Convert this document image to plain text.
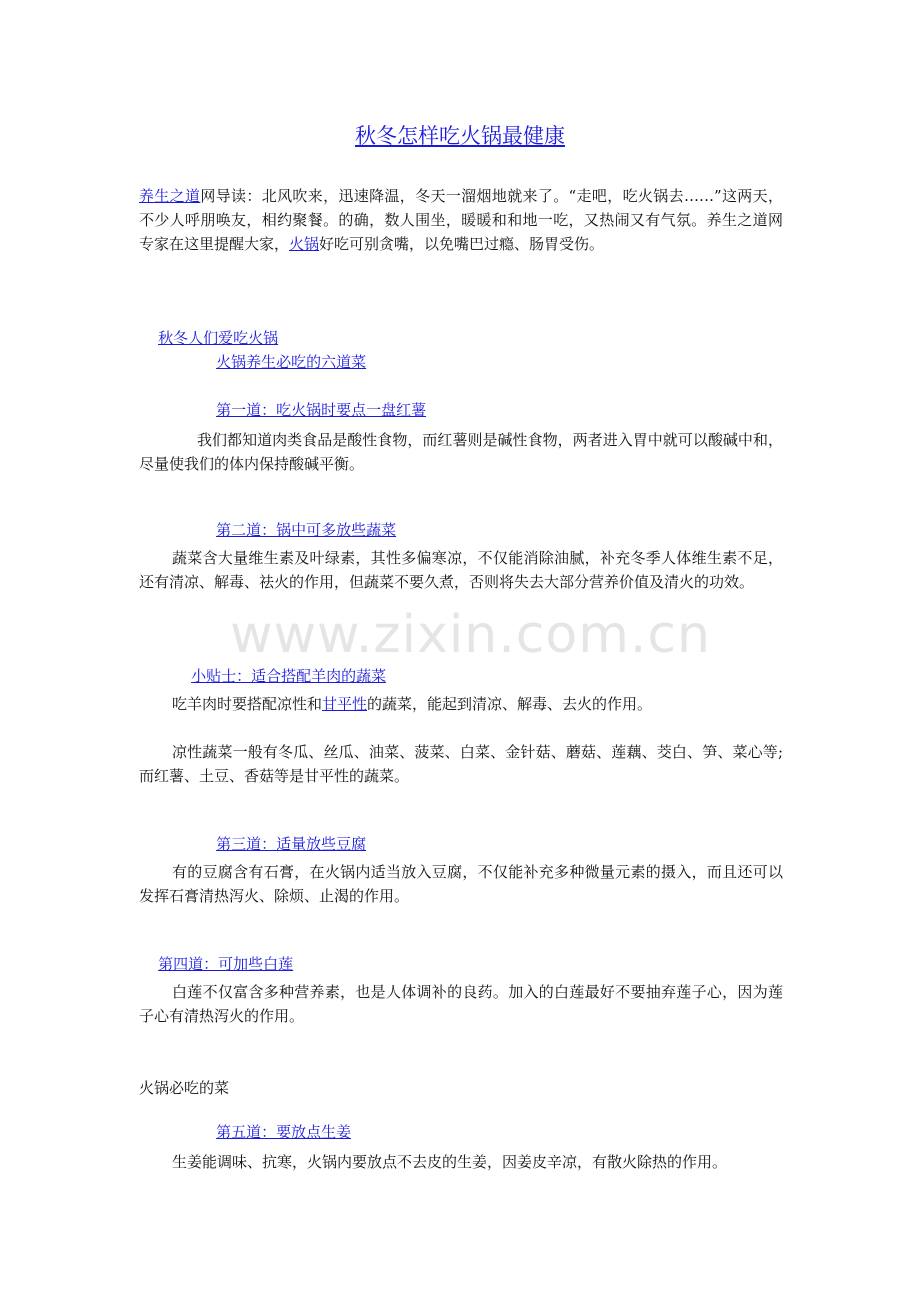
秋冬怎样吃火锅最健康
养生之道网导读：北风吹来，迅速降温，冬天一溜烟地就来了。“走吧，吃火锅去……”这两天，不少人呼朋唤友，相约聚餐。的确，数人围坐，暖暖和和地一吃，又热闹又有气氛。养生之道网专家在这里提醒大家，火锅好吃可别贪嘴，以免嘴巴过瘾、肠胃受伤。

秋冬人们爱吃火锅

火锅养生必吃的六道菜

第一道：吃火锅时要点一盘红薯

我们都知道肉类食品是酸性食物，而红薯则是碱性食物，两者进入胃中就可以酸碱中和，尽量使我们的体内保持酸碱平衡。

第二道：锅中可多放些蔬菜

蔬菜含大量维生素及叶绿素，其性多偏寒凉，不仅能消除油腻，补充冬季人体维生素不足，还有清凉、解毒、祛火的作用，但蔬菜不要久煮，否则将失去大部分营养价值及清火的功效。

小贴士：适合搭配羊肉的蔬菜

吃羊肉时要搭配凉性和甘平性的蔬菜，能起到清凉、解毒、去火的作用。
凉性蔬菜一般有冬瓜、丝瓜、油菜、菠菜、白菜、金针菇、蘑菇、莲藕、茭白、笋、菜心等;而红薯、土豆、香菇等是甘平性的蔬菜。

第三道：适量放些豆腐

有的豆腐含有石膏，在火锅内适当放入豆腐，不仅能补充多种微量元素的摄入，而且还可以发挥石膏清热泻火、除烦、止渴的作用。

第四道：可加些白莲

白莲不仅富含多种营养素，也是人体调补的良药。加入的白莲最好不要抽弃莲子心，因为莲子心有清热泻火的作用。
火锅必吃的菜

第五道：要放点生姜

生姜能调味、抗寒，火锅内要放点不去皮的生姜，因姜皮辛凉，有散火除热的作用。
www.zixin.com.cn
